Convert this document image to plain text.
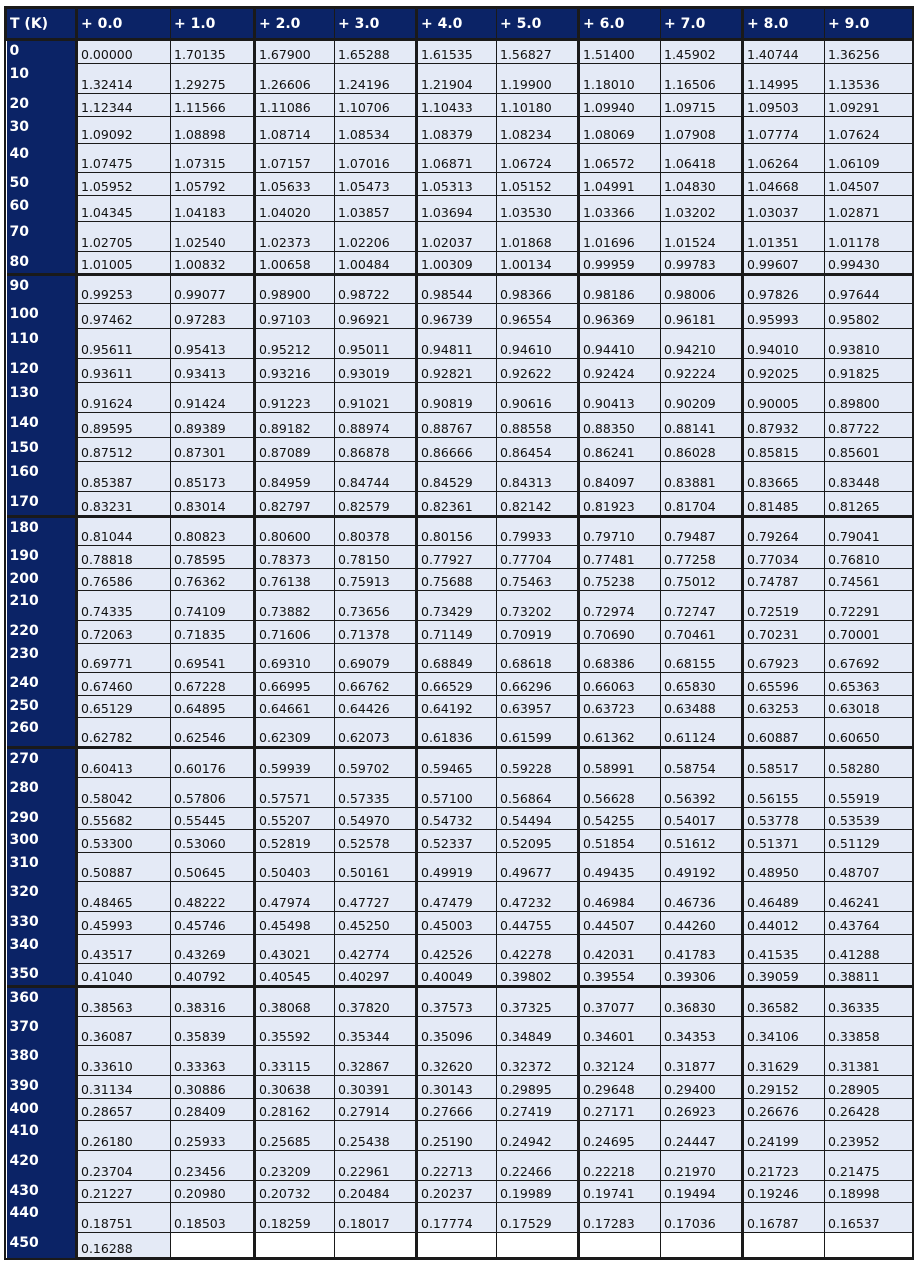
T (K)	+ 0.0	+ 1.0	+ 2.0	+ 3.0	+ 4.0	+ 5.0	+ 6.0	+ 7.0	+ 8.0	+ 9.0
0	0.00000	1.70135	1.67900	1.65288	1.61535	1.56827	1.51400	1.45902	1.40744	1.36256
10	1.32414	1.29275	1.26606	1.24196	1.21904	1.19900	1.18010	1.16506	1.14995	1.13536
20	1.12344	1.11566	1.11086	1.10706	1.10433	1.10180	1.09940	1.09715	1.09503	1.09291
30	1.09092	1.08898	1.08714	1.08534	1.08379	1.08234	1.08069	1.07908	1.07774	1.07624
40	1.07475	1.07315	1.07157	1.07016	1.06871	1.06724	1.06572	1.06418	1.06264	1.06109
50	1.05952	1.05792	1.05633	1.05473	1.05313	1.05152	1.04991	1.04830	1.04668	1.04507
60	1.04345	1.04183	1.04020	1.03857	1.03694	1.03530	1.03366	1.03202	1.03037	1.02871
70	1.02705	1.02540	1.02373	1.02206	1.02037	1.01868	1.01696	1.01524	1.01351	1.01178
80	1.01005	1.00832	1.00658	1.00484	1.00309	1.00134	0.99959	0.99783	0.99607	0.99430
90	0.99253	0.99077	0.98900	0.98722	0.98544	0.98366	0.98186	0.98006	0.97826	0.97644
100	0.97462	0.97283	0.97103	0.96921	0.96739	0.96554	0.96369	0.96181	0.95993	0.95802
110	0.95611	0.95413	0.95212	0.95011	0.94811	0.94610	0.94410	0.94210	0.94010	0.93810
120	0.93611	0.93413	0.93216	0.93019	0.92821	0.92622	0.92424	0.92224	0.92025	0.91825
130	0.91624	0.91424	0.91223	0.91021	0.90819	0.90616	0.90413	0.90209	0.90005	0.89800
140	0.89595	0.89389	0.89182	0.88974	0.88767	0.88558	0.88350	0.88141	0.87932	0.87722
150	0.87512	0.87301	0.87089	0.86878	0.86666	0.86454	0.86241	0.86028	0.85815	0.85601
160	0.85387	0.85173	0.84959	0.84744	0.84529	0.84313	0.84097	0.83881	0.83665	0.83448
170	0.83231	0.83014	0.82797	0.82579	0.82361	0.82142	0.81923	0.81704	0.81485	0.81265
180	0.81044	0.80823	0.80600	0.80378	0.80156	0.79933	0.79710	0.79487	0.79264	0.79041
190	0.78818	0.78595	0.78373	0.78150	0.77927	0.77704	0.77481	0.77258	0.77034	0.76810
200	0.76586	0.76362	0.76138	0.75913	0.75688	0.75463	0.75238	0.75012	0.74787	0.74561
210	0.74335	0.74109	0.73882	0.73656	0.73429	0.73202	0.72974	0.72747	0.72519	0.72291
220	0.72063	0.71835	0.71606	0.71378	0.71149	0.70919	0.70690	0.70461	0.70231	0.70001
230	0.69771	0.69541	0.69310	0.69079	0.68849	0.68618	0.68386	0.68155	0.67923	0.67692
240	0.67460	0.67228	0.66995	0.66762	0.66529	0.66296	0.66063	0.65830	0.65596	0.65363
250	0.65129	0.64895	0.64661	0.64426	0.64192	0.63957	0.63723	0.63488	0.63253	0.63018
260	0.62782	0.62546	0.62309	0.62073	0.61836	0.61599	0.61362	0.61124	0.60887	0.60650
270	0.60413	0.60176	0.59939	0.59702	0.59465	0.59228	0.58991	0.58754	0.58517	0.58280
280	0.58042	0.57806	0.57571	0.57335	0.57100	0.56864	0.56628	0.56392	0.56155	0.55919
290	0.55682	0.55445	0.55207	0.54970	0.54732	0.54494	0.54255	0.54017	0.53778	0.53539
300	0.53300	0.53060	0.52819	0.52578	0.52337	0.52095	0.51854	0.51612	0.51371	0.51129
310	0.50887	0.50645	0.50403	0.50161	0.49919	0.49677	0.49435	0.49192	0.48950	0.48707
320	0.48465	0.48222	0.47974	0.47727	0.47479	0.47232	0.46984	0.46736	0.46489	0.46241
330	0.45993	0.45746	0.45498	0.45250	0.45003	0.44755	0.44507	0.44260	0.44012	0.43764
340	0.43517	0.43269	0.43021	0.42774	0.42526	0.42278	0.42031	0.41783	0.41535	0.41288
350	0.41040	0.40792	0.40545	0.40297	0.40049	0.39802	0.39554	0.39306	0.39059	0.38811
360	0.38563	0.38316	0.38068	0.37820	0.37573	0.37325	0.37077	0.36830	0.36582	0.36335
370	0.36087	0.35839	0.35592	0.35344	0.35096	0.34849	0.34601	0.34353	0.34106	0.33858
380	0.33610	0.33363	0.33115	0.32867	0.32620	0.32372	0.32124	0.31877	0.31629	0.31381
390	0.31134	0.30886	0.30638	0.30391	0.30143	0.29895	0.29648	0.29400	0.29152	0.28905
400	0.28657	0.28409	0.28162	0.27914	0.27666	0.27419	0.27171	0.26923	0.26676	0.26428
410	0.26180	0.25933	0.25685	0.25438	0.25190	0.24942	0.24695	0.24447	0.24199	0.23952
420	0.23704	0.23456	0.23209	0.22961	0.22713	0.22466	0.22218	0.21970	0.21723	0.21475
430	0.21227	0.20980	0.20732	0.20484	0.20237	0.19989	0.19741	0.19494	0.19246	0.18998
440	0.18751	0.18503	0.18259	0.18017	0.17774	0.17529	0.17283	0.17036	0.16787	0.16537
450	0.16288									
